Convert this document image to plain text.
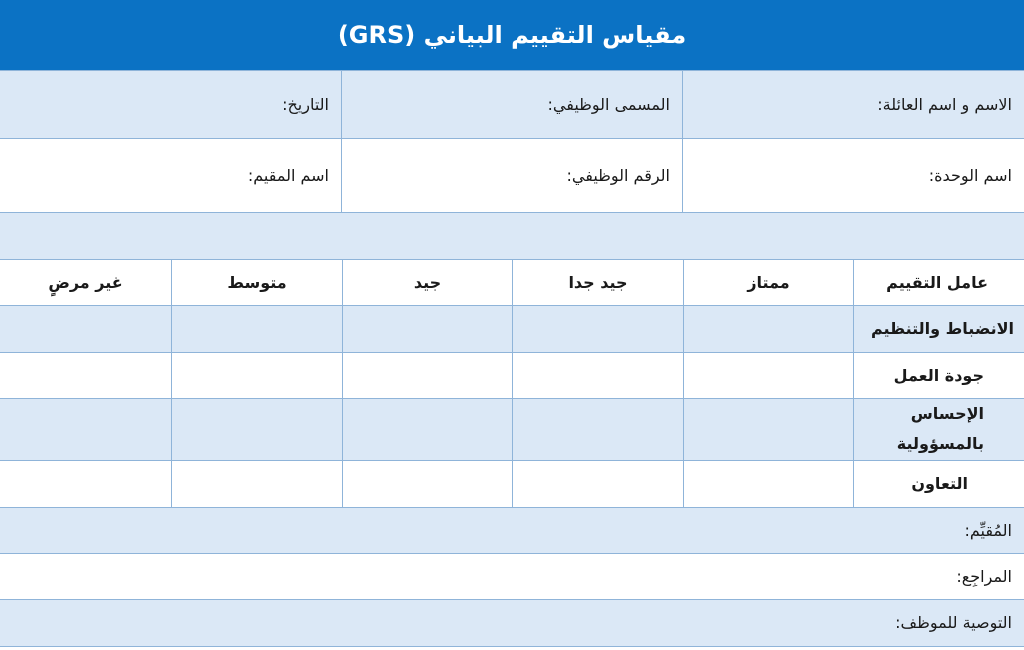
مقياس التقييم البياني (GRS)
الاسم و اسم العائلة:
المسمى الوظيفي:
التاريخ:
اسم الوحدة:
الرقم الوظيفي:
اسم المقيم:
عامل التقييم
ممتاز
جيد جدا
جيد
متوسط
غير مرضٍ
الانضباط والتنظيم
جودة العمل
الإحساس بالمسؤولية
التعاون
المُقيِّم:
المراجِع:
التوصية للموظف:
